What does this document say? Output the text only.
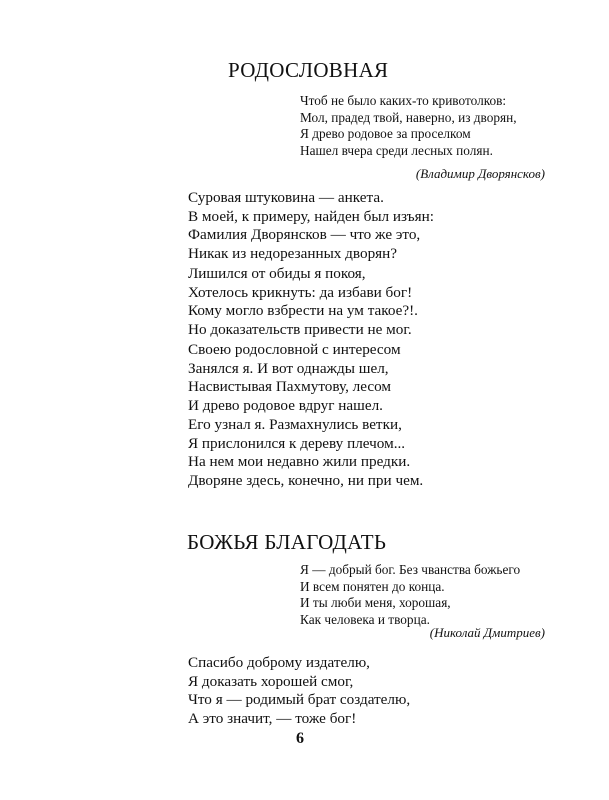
РОДОСЛОВНАЯ
Чтоб не было каких-то кривотолков:
Мол, прадед твой, наверно, из дворян,
Я древо родовое за проселком
Нашел вчера среди лесных полян.
(Владимир Дворянсков)
Суровая штуковина — анкета.
В моей, к примеру, найден был изъян:
Фамилия Дворянсков — что же это,
Никак из недорезанных дворян?
Лишился от обиды я покоя,
Хотелось крикнуть: да избави бог!
Кому могло взбрести на ум такое?!.
Но доказательств привести не мог.
Своею родословной с интересом
Занялся я. И вот однажды шел,
Насвистывая Пахмутову, лесом
И древо родовое вдруг нашел.
Его узнал я. Размахнулись ветки,
Я прислонился к дереву плечом...
На нем мои недавно жили предки.
Дворяне здесь, конечно, ни при чем.
БОЖЬЯ БЛАГОДАТЬ
Я — добрый бог. Без чванства божьего
И всем понятен до конца.
И ты люби меня, хорошая,
Как человека и творца.
(Николай Дмитриев)
Спасибо доброму издателю,
Я доказать хорошей смог,
Что я — родимый брат создателю,
А это значит, — тоже бог!
6
